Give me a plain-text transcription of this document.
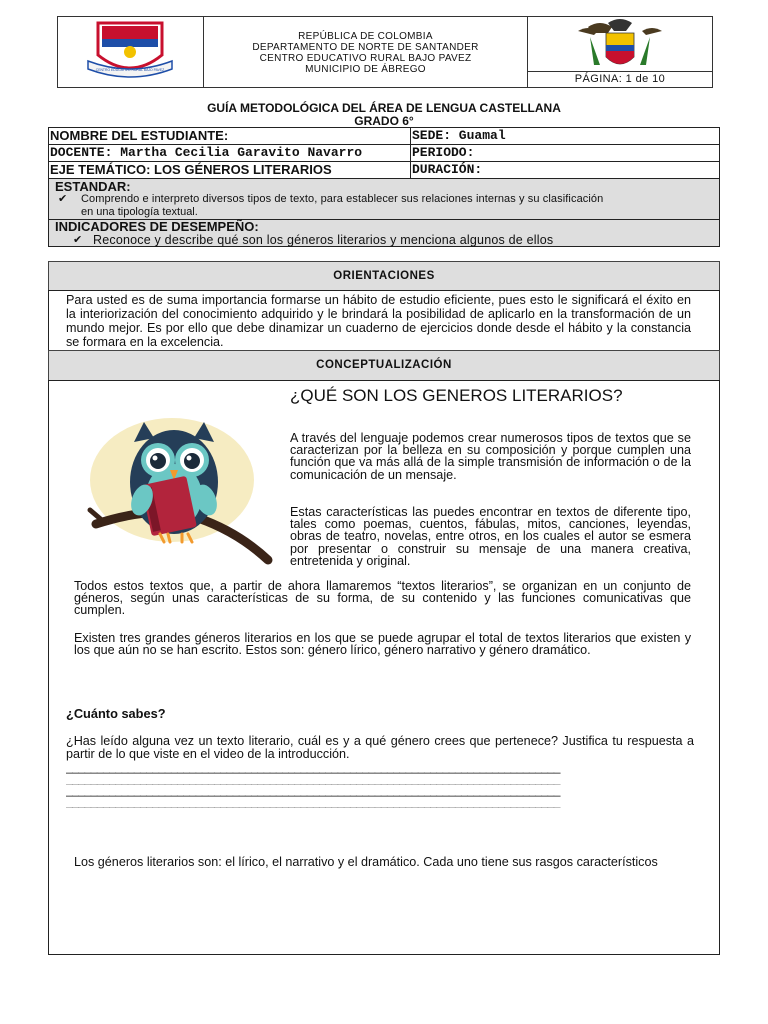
CENTRO EDUCATIVO RURAL BAJO PAVEZ
REPÚBLICA DE COLOMBIA
DEPARTAMENTO DE NORTE DE SANTANDER
CENTRO EDUCATIVO RURAL BAJO PAVEZ
MUNICIPIO DE ÁBREGO
PÁGINA: 1 de 10
GUÍA METODOLÓGICA DEL ÁREA DE LENGUA CASTELLANA
GRADO 6°
NOMBRE DEL ESTUDIANTE:	SEDE: Guamal
DOCENTE: Martha Cecilia Garavito Navarro	PERIODO:
EJE TEMÁTICO: LOS GÉNEROS LITERARIOS	DURACIÓN:
ESTANDAR:
✔ Comprendo e interpreto diversos tipos de texto, para establecer sus relaciones internas y su clasificación
en una tipología textual.
INDICADORES DE DESEMPEÑO:
✔ Reconoce y describe qué son los géneros literarios y menciona algunos de ellos
ORIENTACIONES
Para usted es de suma importancia formarse un hábito de estudio eficiente, pues esto le significará el éxito en la interiorización del conocimiento adquirido y le brindará la posibilidad de aplicarlo en la transformación de un mundo mejor. Es por ello que debe dinamizar un cuaderno de ejercicios donde desde el hábito y la constancia se formara en la excelencia.
CONCEPTUALIZACIÓN
¿QUÉ SON LOS GENEROS LITERARIOS?
A través del lenguaje podemos crear numerosos tipos de textos que se caracterizan por la belleza en su composición y porque cumplen una función que va más allá de la simple transmisión de información o de la comunicación de un mensaje.
Estas características las puedes encontrar en textos de diferente tipo, tales como poemas, cuentos, fábulas, mitos, canciones, leyendas, obras de teatro, novelas, entre otros, en los cuales el autor se esmera por presentar o construir su mensaje de una manera creativa, entretenida y original.
Todos estos textos que, a partir de ahora llamaremos “textos literarios”, se organizan en un conjunto de géneros, según unas características de su forma, de su contenido y las funciones comunicativas que cumplen.
Existen tres grandes géneros literarios en los que se puede agrupar el total de textos literarios que existen y los que aún no se han escrito. Estos son: género lírico, género narrativo y género dramático.
¿Cuánto sabes?
¿Has leído alguna vez un texto literario, cuál es y a qué género crees que pertenece? Justifica tu respuesta a partir de lo que viste en el video de la introducción.
________________________________________________________________________________
________________________________________________________________________________
________________________________________________________________________________
________________________________________________________________________________
Los géneros literarios son: el lírico, el narrativo y el dramático. Cada uno tiene sus rasgos característicos
